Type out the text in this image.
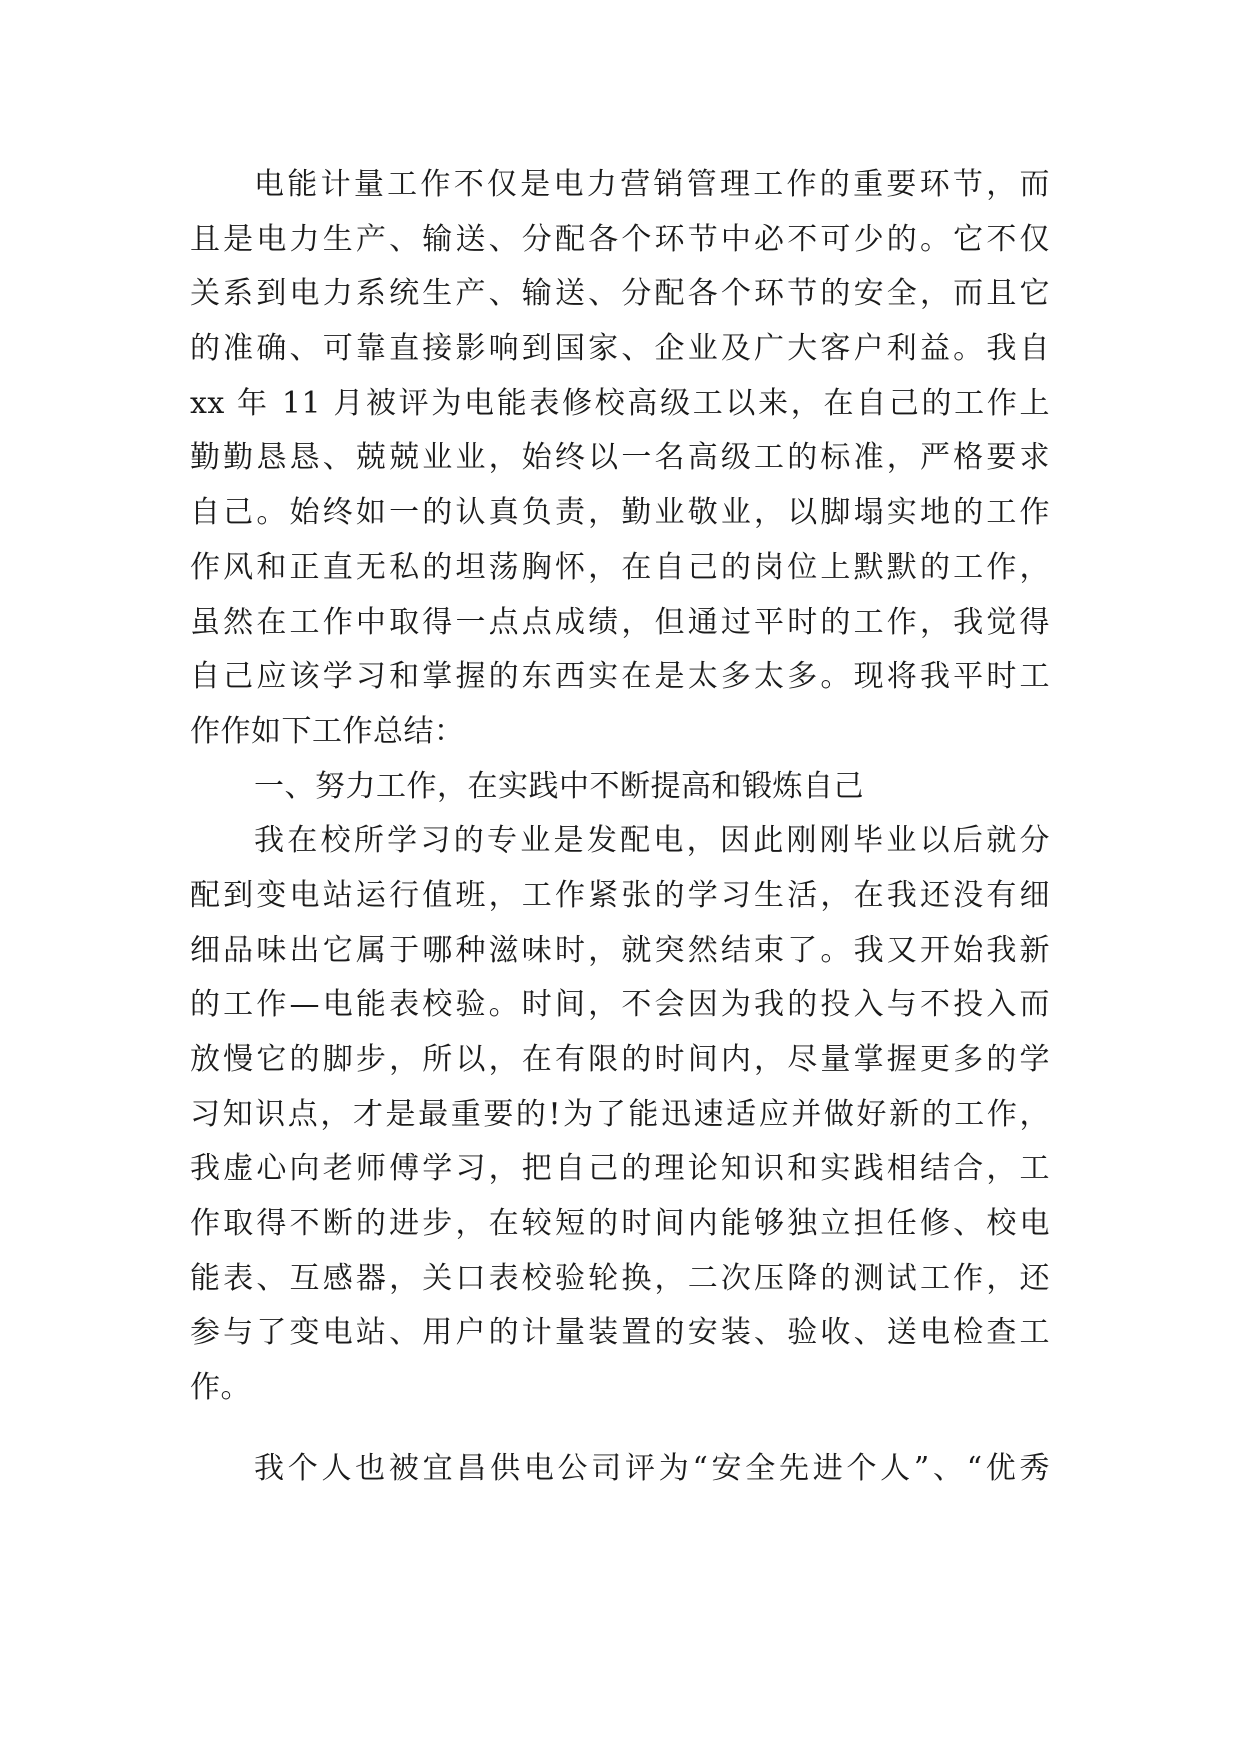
电能计量工作不仅是电力营销管理工作的重要环节，而
且是电力生产、输送、分配各个环节中必不可少的。它不仅
关系到电力系统生产、输送、分配各个环节的安全，而且它
的准确、可靠直接影响到国家、企业及广大客户利益。我自
xx 年 11 月被评为电能表修校高级工以来，在自己的工作上
勤勤恳恳、兢兢业业，始终以一名高级工的标准，严格要求
自己。始终如一的认真负责，勤业敬业，以脚塌实地的工作
作风和正直无私的坦荡胸怀，在自己的岗位上默默的工作，
虽然在工作中取得一点点成绩，但通过平时的工作，我觉得
自己应该学习和掌握的东西实在是太多太多。现将我平时工
作作如下工作总结：
一、努力工作，在实践中不断提高和锻炼自己
我在校所学习的专业是发配电，因此刚刚毕业以后就分
配到变电站运行值班，工作紧张的学习生活，在我还没有细
细品味出它属于哪种滋味时，就突然结束了。我又开始我新
的工作—电能表校验。时间，不会因为我的投入与不投入而
放慢它的脚步，所以，在有限的时间内，尽量掌握更多的学
习知识点，才是最重要的!为了能迅速适应并做好新的工作，
我虚心向老师傅学习，把自己的理论知识和实践相结合，工
作取得不断的进步，在较短的时间内能够独立担任修、校电
能表、互感器，关口表校验轮换，二次压降的测试工作，还
参与了变电站、用户的计量装置的安装、验收、送电检查工
作。
我个人也被宜昌供电公司评为“安全先进个人”、“优秀
